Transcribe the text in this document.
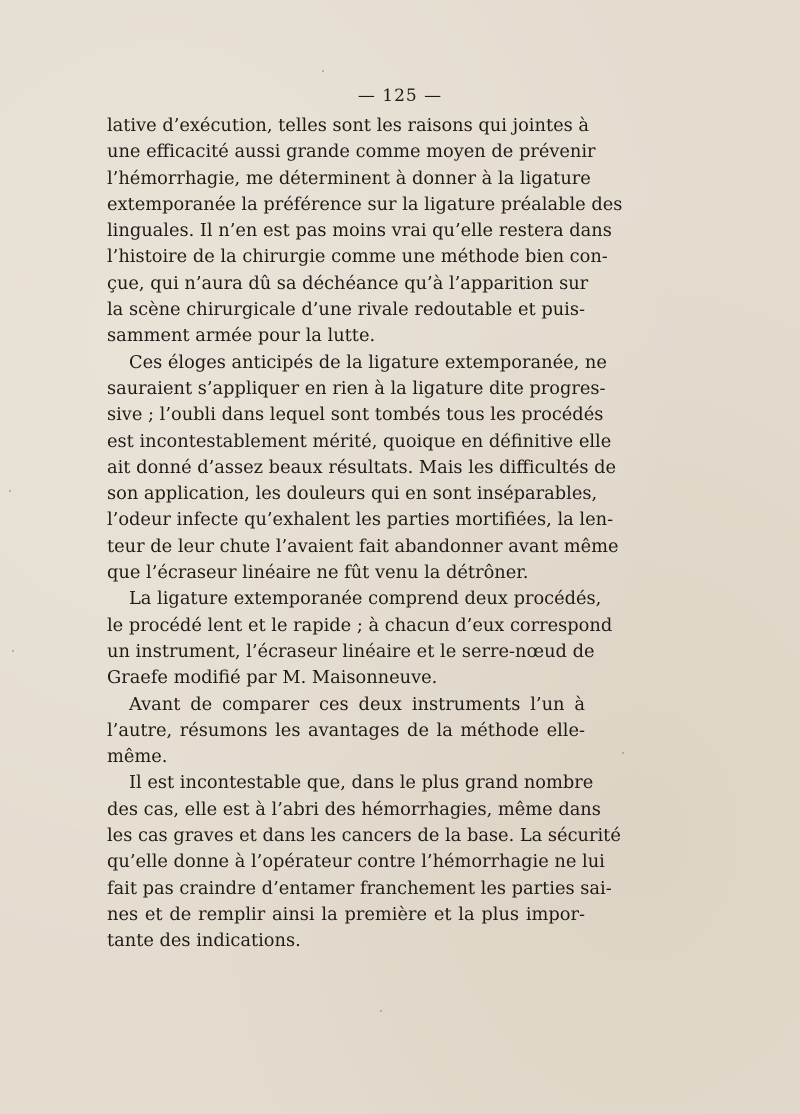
— 125 —
lative d’exécution, telles sont les raisons qui jointes à
une efficacité aussi grande comme moyen de prévenir
l’hémorrhagie, me déterminent à donner à la ligature
extemporanée la préférence sur la ligature préalable des
linguales. Il n’en est pas moins vrai qu’elle restera dans
l’histoire de la chirurgie comme une méthode bien con-
çue, qui n’aura dû sa déchéance qu’à l’apparition sur
la scène chirurgicale d’une rivale redoutable et puis-
samment armée pour la lutte.
Ces éloges anticipés de la ligature extemporanée, ne
sauraient s’appliquer en rien à la ligature dite progres-
sive ; l’oubli dans lequel sont tombés tous les procédés
est incontestablement mérité, quoique en définitive elle
ait donné d’assez beaux résultats. Mais les difficultés de
son application, les douleurs qui en sont inséparables,
l’odeur infecte qu’exhalent les parties mortifiées, la len-
teur de leur chute l’avaient fait abandonner avant même
que l’écraseur linéaire ne fût venu la détrôner.
La ligature extemporanée comprend deux procédés,
le procédé lent et le rapide ; à chacun d’eux correspond
un instrument, l’écraseur linéaire et le serre-nœud de
Graefe modifié par M. Maisonneuve.
Avant de comparer ces deux instruments l’un à
l’autre, résumons les avantages de la méthode elle-
même.
Il est incontestable que, dans le plus grand nombre
des cas, elle est à l’abri des hémorrhagies, même dans
les cas graves et dans les cancers de la base. La sécurité
qu’elle donne à l’opérateur contre l’hémorrhagie ne lui
fait pas craindre d’entamer franchement les parties sai-
nes et de remplir ainsi la première et la plus impor-
tante des indications.
